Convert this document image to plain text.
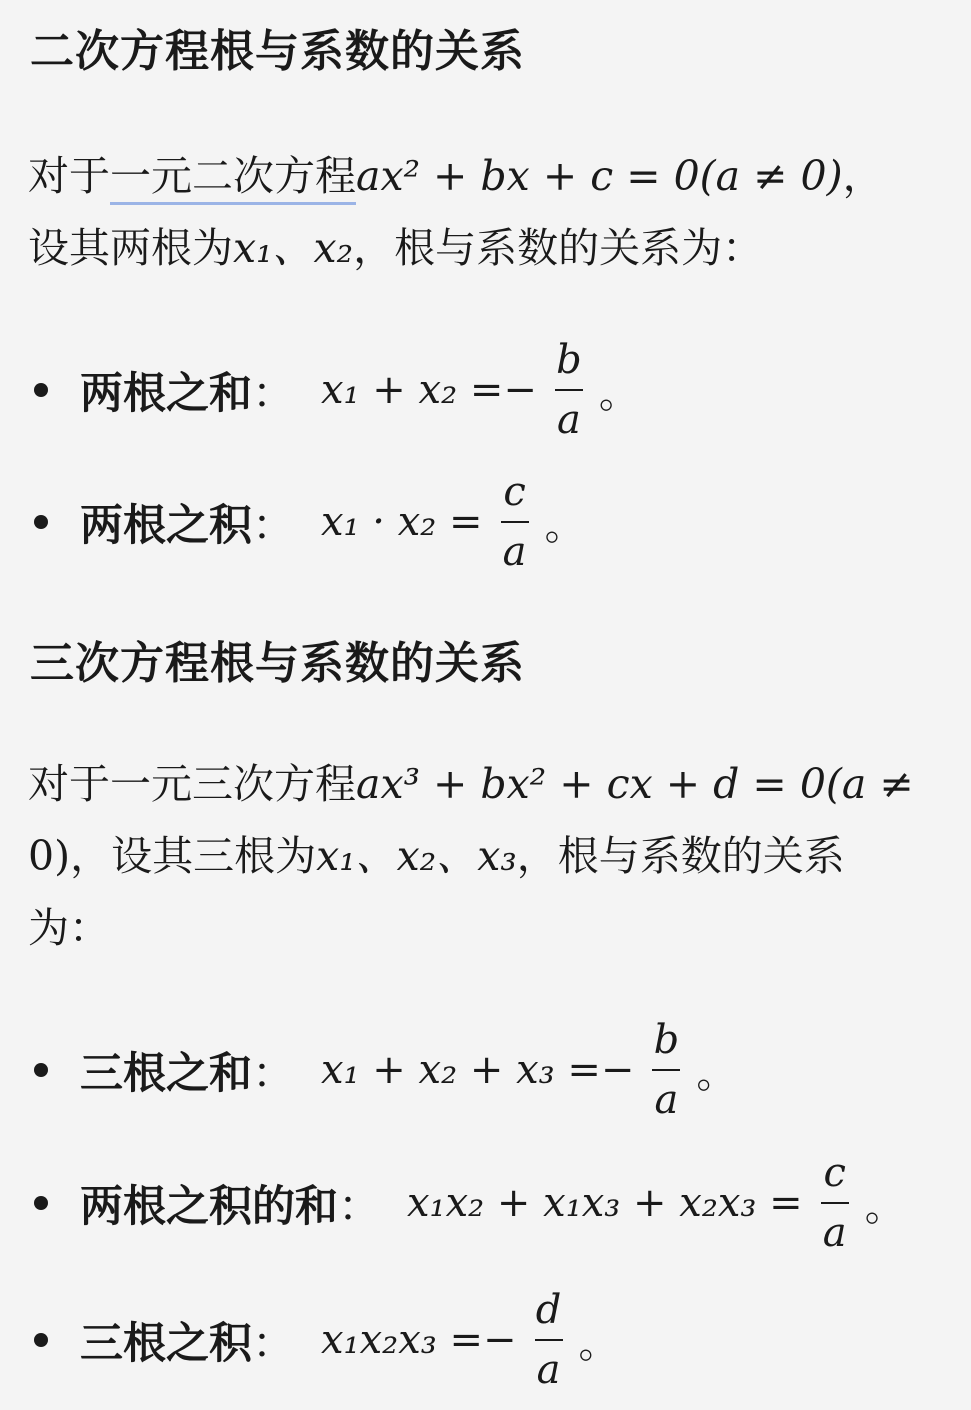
二次方程根与系数的关系
对于一元二次方程ax² + bx + c = 0(a ≠ 0)，
设其两根为x₁、x₂，根与系数的关系为：
两根之和 ： $x_1 + x_2 =- \frac{b}{a}$ 。
两根之积 ： $x_1 \cdot x_2 = \frac{c}{a}$ 。
三次方程根与系数的关系
对于一元三次方程ax³ + bx² + cx + d = 0(a ≠
0)，设其三根为x₁、x₂、x₃，根与系数的关系
为：
三根之和 ： $x_1 + x_2 + x_3 =- \frac{b}{a}$ 。
两根之积的和 ： $x_1x_2 + x_1x_3 + x_2x_3 = \frac{c}{a}$ 。
三根之积 ： $x_1x_2x_3 =- \frac{d}{a}$ 。
